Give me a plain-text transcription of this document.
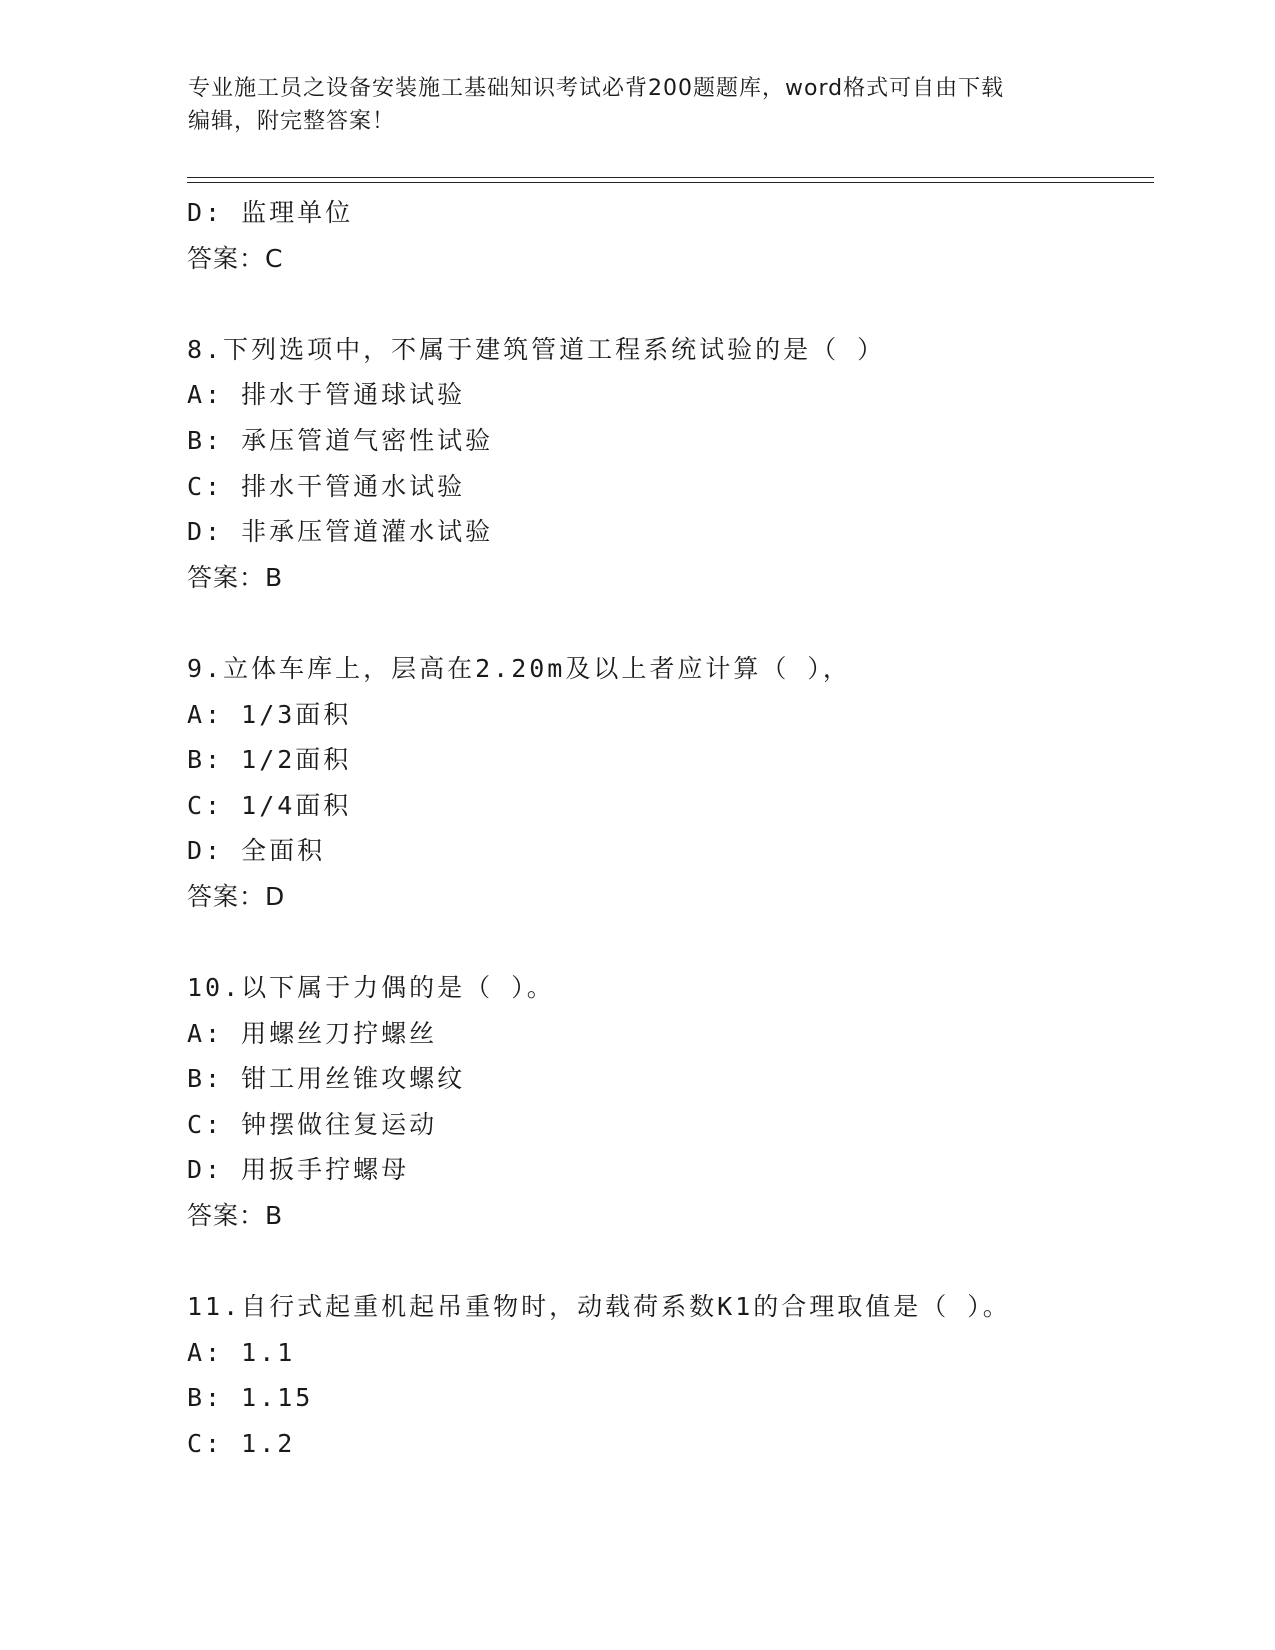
专业施工员之设备安装施工基础知识考试必背200题题库，word格式可自由下载
编辑，附完整答案！
D: 监理单位
答案：C
8.下列选项中，不属于建筑管道工程系统试验的是（ ）
A: 排水于管通球试验
B: 承压管道气密性试验
C: 排水干管通水试验
D: 非承压管道灌水试验
答案：B
9.立体车库上，层高在2.20m及以上者应计算（ ），
A: 1/3面积
B: 1/2面积
C: 1/4面积
D: 全面积
答案：D
10.以下属于力偶的是（ ）。
A: 用螺丝刀拧螺丝
B: 钳工用丝锥攻螺纹
C: 钟摆做往复运动
D: 用扳手拧螺母
答案：B
11.自行式起重机起吊重物时，动载荷系数K1的合理取值是（ ）。
A: 1.1
B: 1.15
C: 1.2
